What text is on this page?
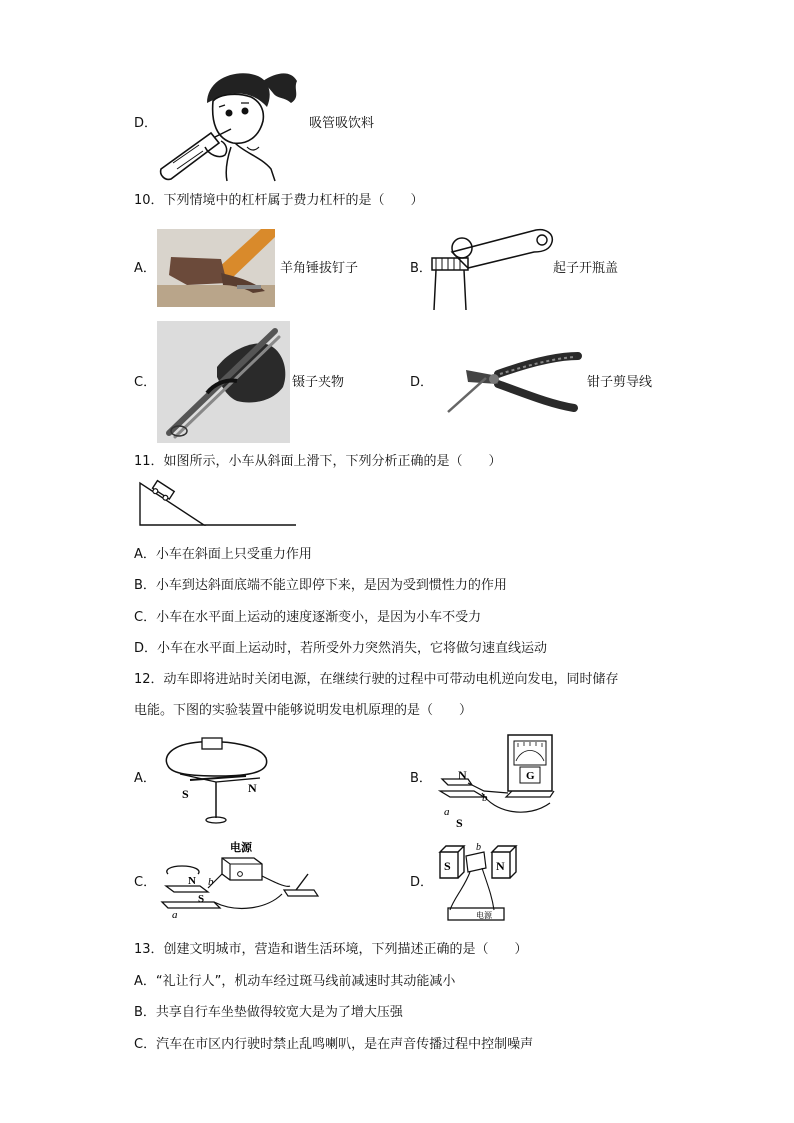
D．	吸管吸饮料
10．下列情境中的杠杆属于费力杠杆的是（　　）
A．	羊角锤拔钉子	B．	起子开瓶盖
C．	镊子夹物	D．	钳子剪导线
11．如图所示，小车从斜面上滑下，下列分析正确的是（　　）
A．小车在斜面上只受重力作用
B．小车到达斜面底端不能立即停下来，是因为受到惯性力的作用
C．小车在水平面上运动的速度逐渐变小，是因为小车不受力
D．小车在水平面上运动时，若所受外力突然消失，它将做匀速直线运动
12．动车即将进站时关闭电源，在继续行驶的过程中可带动电机逆向发电，同时储存
电能。下图的实验装置中能够说明发电机原理的是（　　）
A．
S	N
B．	G
N
S
a
b
C．
电源
N
S
a
b	D．
S	N
b
电源
13．创建文明城市，营造和谐生活环境，下列描述正确的是（　　）
A．“礼让行人”，机动车经过斑马线前减速时其动能减小
B．共享自行车坐垫做得较宽大是为了增大压强
C．汽车在市区内行驶时禁止乱鸣喇叭，是在声音传播过程中控制噪声
